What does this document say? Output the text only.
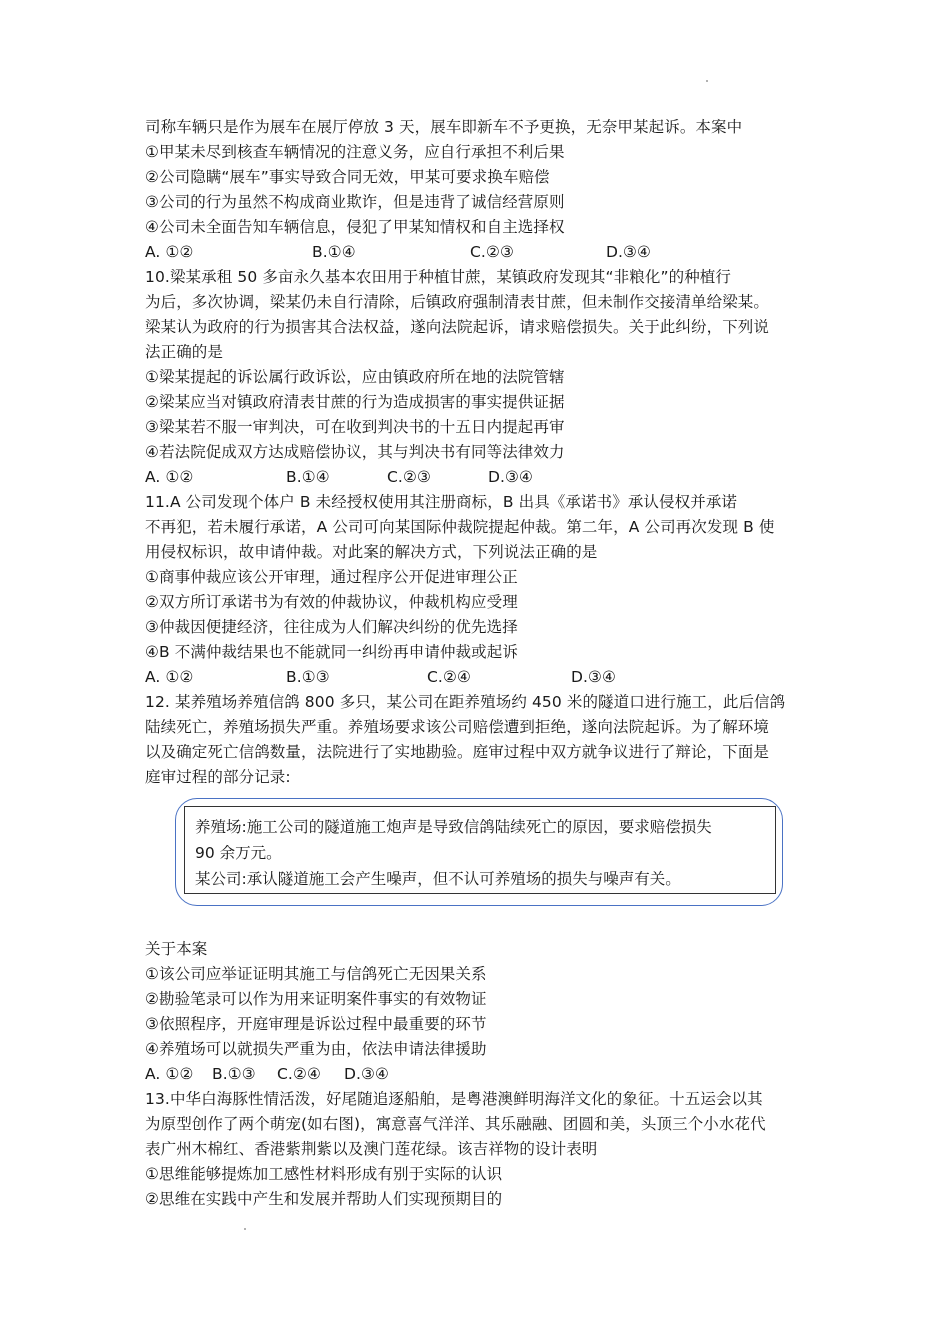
司称车辆只是作为展车在展厅停放 3 天，展车即新车不予更换，无奈甲某起诉。本案中
①甲某未尽到核查车辆情况的注意义务，应自行承担不利后果
②公司隐瞒“展车”事实导致合同无效，甲某可要求换车赔偿
③公司的行为虽然不构成商业欺诈，但是违背了诚信经营原则
④公司未全面告知车辆信息，侵犯了甲某知情权和自主选择权
A. ①②	B.①④	C.②③	D.③④
10.梁某承租 50 多亩永久基本农田用于种植甘蔗，某镇政府发现其“非粮化”的种植行
为后，多次协调，梁某仍未自行清除，后镇政府强制清表甘蔗，但未制作交接清单给梁某。
梁某认为政府的行为损害其合法权益，遂向法院起诉，请求赔偿损失。关于此纠纷，下列说
法正确的是
①梁某提起的诉讼属行政诉讼，应由镇政府所在地的法院管辖
②梁某应当对镇政府清表甘蔗的行为造成损害的事实提供证据
③梁某若不服一审判决，可在收到判决书的十五日内提起再审
④若法院促成双方达成赔偿协议，其与判决书有同等法律效力
A. ①②	B.①④	C.②③	D.③④
11.A 公司发现个体户 B 未经授权使用其注册商标，B 出具《承诺书》承认侵权并承诺
不再犯，若未履行承诺，A 公司可向某国际仲裁院提起仲裁。第二年，A 公司再次发现 B 使
用侵权标识，故申请仲裁。对此案的解决方式，下列说法正确的是
①商事仲裁应该公开审理，通过程序公开促进审理公正
②双方所订承诺书为有效的仲裁协议，仲裁机构应受理
③仲裁因便捷经济，往往成为人们解决纠纷的优先选择
④B 不满仲裁结果也不能就同一纠纷再申请仲裁或起诉
A. ①②	B.①③	C.②④	D.③④
12. 某养殖场养殖信鸽 800 多只，某公司在距养殖场约 450 米的隧道口进行施工，此后信鸽
陆续死亡，养殖场损失严重。养殖场要求该公司赔偿遭到拒绝，遂向法院起诉。为了解环境
以及确定死亡信鸽数量，法院进行了实地勘验。庭审过程中双方就争议进行了辩论，下面是
庭审过程的部分记录:
养殖场:施工公司的隧道施工炮声是导致信鸽陆续死亡的原因，要求赔偿损失
90 余万元。
某公司:承认隧道施工会产生噪声，但不认可养殖场的损失与噪声有关。
关于本案
①该公司应举证证明其施工与信鸽死亡无因果关系
②勘验笔录可以作为用来证明案件事实的有效物证
③依照程序，开庭审理是诉讼过程中最重要的环节
④养殖场可以就损失严重为由，依法申请法律援助
A. ①②	B.①③	C.②④	D.③④
13.中华白海豚性情活泼，好尾随追逐船舶，是粤港澳鲜明海洋文化的象征。十五运会以其
为原型创作了两个萌宠(如右图)，寓意喜气洋洋、其乐融融、团圆和美，头顶三个小水花代
表广州木棉红、香港紫荆紫以及澳门莲花绿。该吉祥物的设计表明
①思维能够提炼加工感性材料形成有别于实际的认识
②思维在实践中产生和发展并帮助人们实现预期目的
